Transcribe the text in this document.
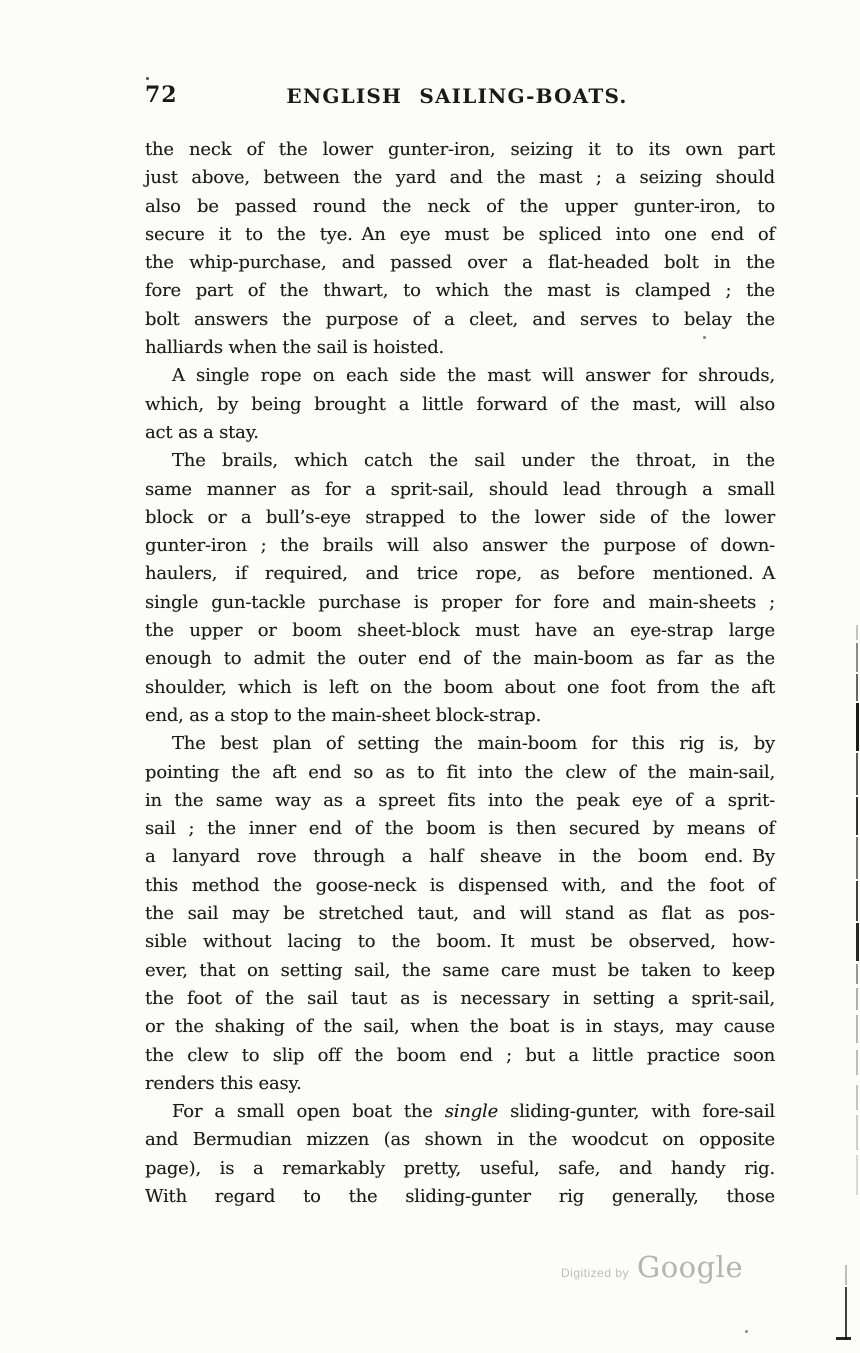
72	ENGLISH SAILING-BOATS.
the neck of the lower gunter-iron, seizing it to its own part
just above, between the yard and the mast ; a seizing should
also be passed round the neck of the upper gunter-iron, to
secure it to the tye. An eye must be spliced into one end of
the whip-purchase, and passed over a flat-headed bolt in the
fore part of the thwart, to which the mast is clamped ; the
bolt answers the purpose of a cleet, and serves to belay the
halliards when the sail is hoisted.
A single rope on each side the mast will answer for shrouds,
which, by being brought a little forward of the mast, will also
act as a stay.
The brails, which catch the sail under the throat, in the
same manner as for a sprit-sail, should lead through a small
block or a bull’s-eye strapped to the lower side of the lower
gunter-iron ; the brails will also answer the purpose of down-
haulers, if required, and trice rope, as before mentioned. A
single gun-tackle purchase is proper for fore and main-sheets ;
the upper or boom sheet-block must have an eye-strap large
enough to admit the outer end of the main-boom as far as the
shoulder, which is left on the boom about one foot from the aft
end, as a stop to the main-sheet block-strap.
The best plan of setting the main-boom for this rig is, by
pointing the aft end so as to fit into the clew of the main-sail,
in the same way as a spreet fits into the peak eye of a sprit-
sail ; the inner end of the boom is then secured by means of
a lanyard rove through a half sheave in the boom end. By
this method the goose-neck is dispensed with, and the foot of
the sail may be stretched taut, and will stand as flat as pos-
sible without lacing to the boom. It must be observed, how-
ever, that on setting sail, the same care must be taken to keep
the foot of the sail taut as is necessary in setting a sprit-sail,
or the shaking of the sail, when the boat is in stays, may cause
the clew to slip off the boom end ; but a little practice soon
renders this easy.
For a small open boat the single sliding-gunter, with fore-sail
and Bermudian mizzen (as shown in the woodcut on opposite
page), is a remarkably pretty, useful, safe, and handy rig.
With regard to the sliding-gunter rig generally, those
Digitized by Google
